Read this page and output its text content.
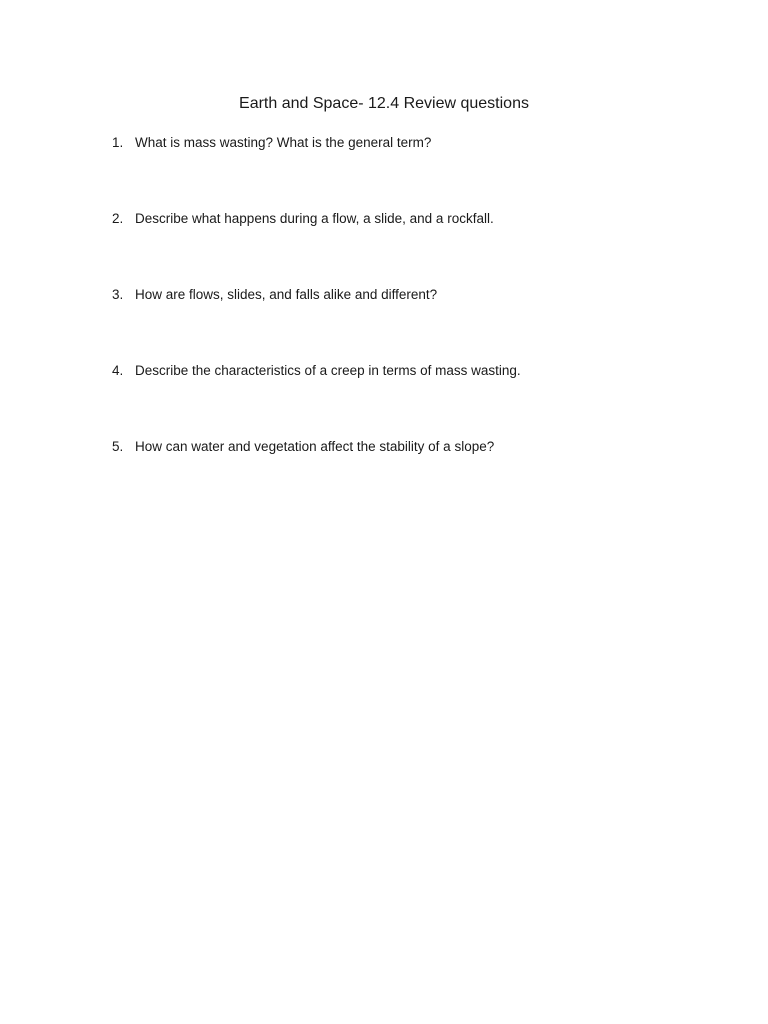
Earth and Space- 12.4 Review questions
1. What is mass wasting? What is the general term?
2. Describe what happens during a flow, a slide, and a rockfall.
3. How are flows, slides, and falls alike and different?
4. Describe the characteristics of a creep in terms of mass wasting.
5. How can water and vegetation affect the stability of a slope?
